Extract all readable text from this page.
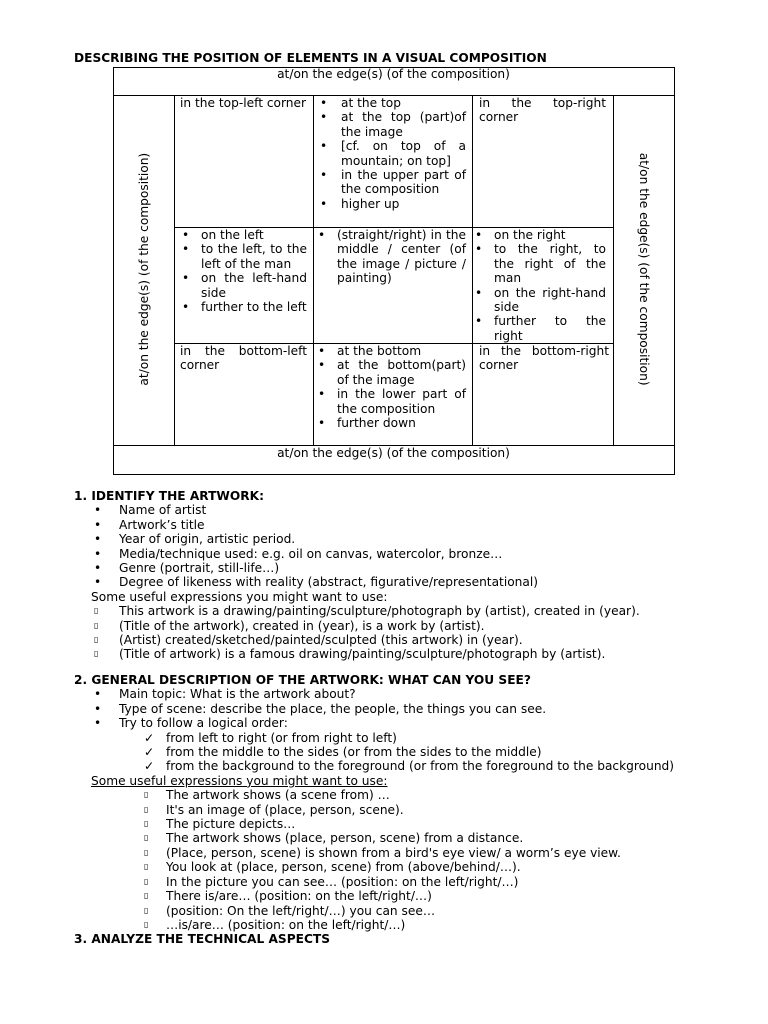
DESCRIBING THE POSITION OF ELEMENTS IN A VISUAL COMPOSITION
at/on the edge(s) (of the composition)
at/on the edge(s) (of the composition)
at/on the edge(s) (of the composition)	at/on the edge(s) (of the composition)
in the top-left corner
•	at the top
• at the top (part)of the image
• [cf. on top of a mountain; on top]
• in the upper part of the composition
• higher up
in the top-right corner
• on the left
• to the left, to the left of the man
• on the left-hand side
• further to the left
• (straight/right) in the middle / center (of the image / picture / painting)
• on the right
• to the right, to the right of the man
• on the right-hand side
• further to the right
in the bottom-left corner
• at the bottom
• at the bottom(part) of the image
• in the lower part of the composition
• further down
in the bottom-right corner
1. IDENTIFY THE ARTWORK:
• Name of artist
• Artwork’s title
• Year of origin, artistic period.
• Media/technique used: e.g. oil on canvas, watercolor, bronze…
• Genre (portrait, still-life…)
• Degree of likeness with reality (abstract, figurative/representational)
Some useful expressions you might want to use:
▯ This artwork is a drawing/painting/sculpture/photograph by (artist), created in (year).
▯ (Title of the artwork), created in (year), is a work by (artist).
▯ (Artist) created/sketched/painted/sculpted (this artwork) in (year).
▯ (Title of artwork) is a famous drawing/painting/sculpture/photograph by (artist).
2. GENERAL DESCRIPTION OF THE ARTWORK: WHAT CAN YOU SEE?
• Main topic: What is the artwork about?
• Type of scene: describe the place, the people, the things you can see.
• Try to follow a logical order:
✓ from left to right (or from right to left)
✓ from the middle to the sides (or from the sides to the middle)
✓ from the background to the foreground (or from the foreground to the background)
Some useful expressions you might want to use:
▯ The artwork shows (a scene from) …
▯ It's an image of (place, person, scene).
▯ The picture depicts…
▯ The artwork shows (place, person, scene) from a distance.
▯ (Place, person, scene) is shown from a bird's eye view/ a worm’s eye view.
▯ You look at (place, person, scene) from (above/behind/…).
▯ In the picture you can see… (position: on the left/right/…)
▯ There is/are… (position: on the left/right/…)
▯ (position: On the left/right/…) you can see…
▯ …is/are… (position: on the left/right/…)
3. ANALYZE THE TECHNICAL ASPECTS
